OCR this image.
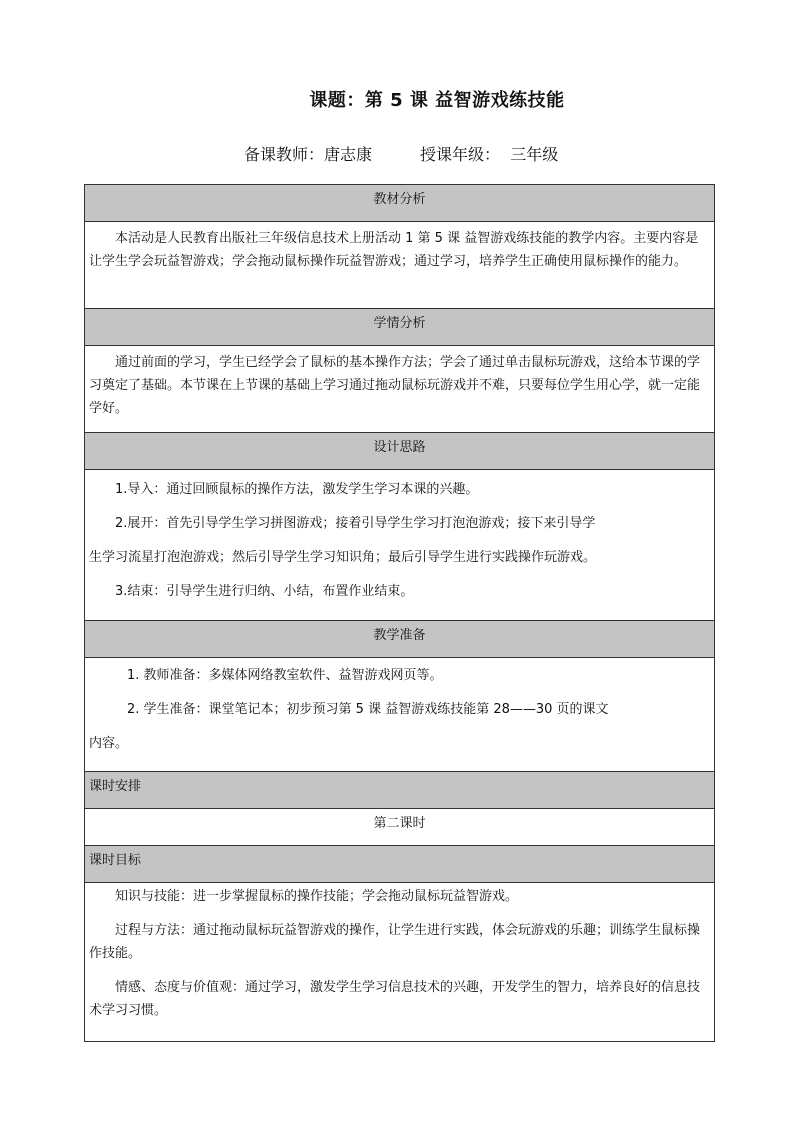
课题：第 5 课 益智游戏练技能
备课教师：唐志康	授课年级：  三年级
教材分析

本活动是人民教育出版社三年级信息技术上册活动 1 第 5 课 益智游戏练技能的教学内容。主要内容是让学生学会玩益智游戏；学会拖动鼠标操作玩益智游戏；通过学习，培养学生正确使用鼠标操作的能力。

学情分析

通过前面的学习，学生已经学会了鼠标的基本操作方法；学会了通过单击鼠标玩游戏，这给本节课的学习奠定了基础。本节课在上节课的基础上学习通过拖动鼠标玩游戏并不难，只要每位学生用心学，就一定能学好。

设计思路

1.导入：通过回顾鼠标的操作方法，激发学生学习本课的兴趣。

2.展开：首先引导学生学习拼图游戏；接着引导学生学习打泡泡游戏；接下来引导学

生学习流星打泡泡游戏；然后引导学生学习知识角；最后引导学生进行实践操作玩游戏。

3.结束：引导学生进行归纳、小结，布置作业结束。

教学准备

1. 教师准备：多媒体网络教室软件、益智游戏网页等。

2. 学生准备：课堂笔记本；初步预习第 5 课 益智游戏练技能第 28——30 页的课文

内容。

课时安排
第二课时
课时目标

知识与技能：进一步掌握鼠标的操作技能；学会拖动鼠标玩益智游戏。

过程与方法：通过拖动鼠标玩益智游戏的操作，让学生进行实践，体会玩游戏的乐趣；训练学生鼠标操作技能。

情感、态度与价值观：通过学习，激发学生学习信息技术的兴趣，开发学生的智力，培养良好的信息技术学习习惯。
